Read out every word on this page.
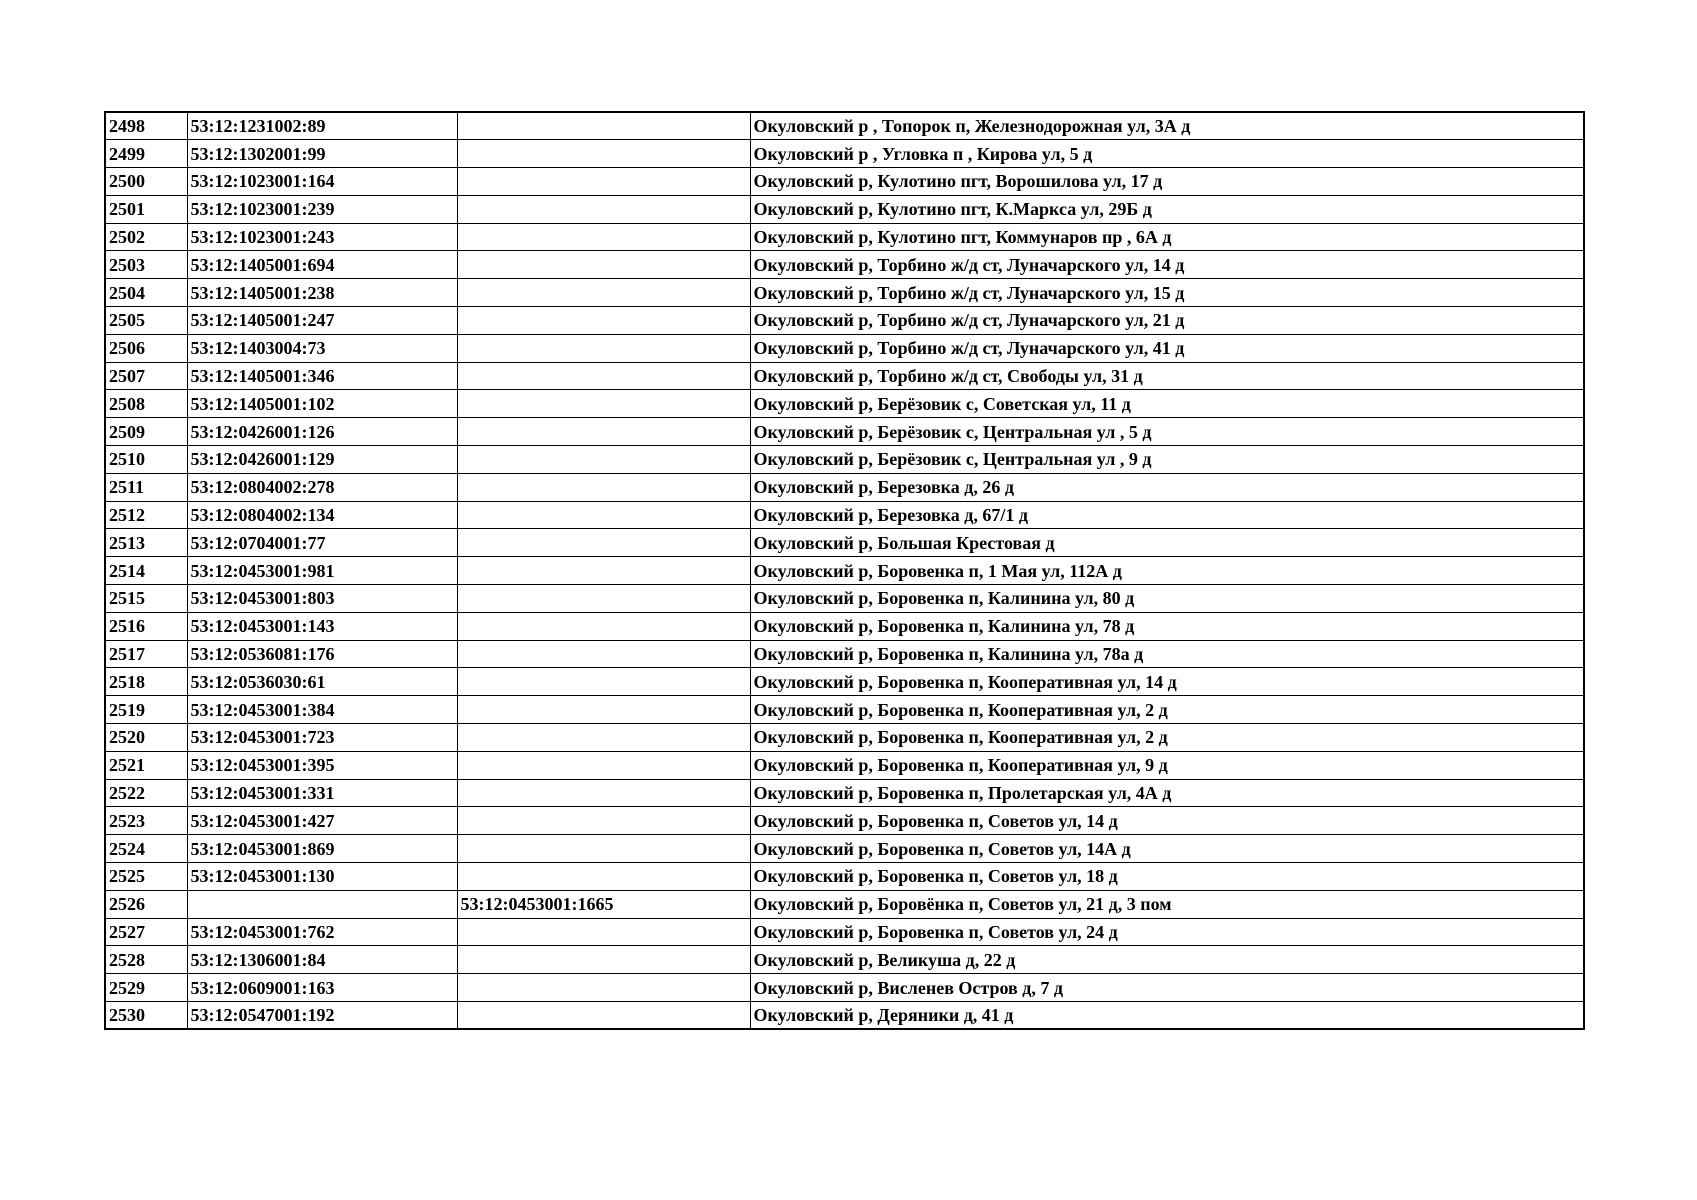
2498	53:12:1231002:89		Окуловский р , Топорок п, Железнодорожная ул, 3А д
2499	53:12:1302001:99		Окуловский р , Угловка п , Кирова ул, 5 д
2500	53:12:1023001:164		Окуловский р, Кулотино пгт, Ворошилова ул, 17 д
2501	53:12:1023001:239		Окуловский р, Кулотино пгт, К.Маркса ул, 29Б д
2502	53:12:1023001:243		Окуловский р, Кулотино пгт, Коммунаров пр , 6А д
2503	53:12:1405001:694		Окуловский р, Торбино ж/д ст, Луначарского ул, 14 д
2504	53:12:1405001:238		Окуловский р, Торбино ж/д ст, Луначарского ул, 15 д
2505	53:12:1405001:247		Окуловский р, Торбино ж/д ст, Луначарского ул, 21 д
2506	53:12:1403004:73		Окуловский р, Торбино ж/д ст, Луначарского ул, 41 д
2507	53:12:1405001:346		Окуловский р, Торбино ж/д ст, Свободы ул, 31 д
2508	53:12:1405001:102		Окуловский р, Берёзовик с, Советская ул, 11 д
2509	53:12:0426001:126		Окуловский р, Берёзовик с, Центральная ул , 5 д
2510	53:12:0426001:129		Окуловский р, Берёзовик с, Центральная ул , 9 д
2511	53:12:0804002:278		Окуловский р, Березовка д, 26 д
2512	53:12:0804002:134		Окуловский р, Березовка д, 67/1 д
2513	53:12:0704001:77		Окуловский р, Большая Крестовая д
2514	53:12:0453001:981		Окуловский р, Боровенка п, 1 Мая ул, 112А д
2515	53:12:0453001:803		Окуловский р, Боровенка п, Калинина ул, 80 д
2516	53:12:0453001:143		Окуловский р, Боровенка п, Калинина ул, 78 д
2517	53:12:0536081:176		Окуловский р, Боровенка п, Калинина ул, 78а д
2518	53:12:0536030:61		Окуловский р, Боровенка п, Кооперативная ул, 14 д
2519	53:12:0453001:384		Окуловский р, Боровенка п, Кооперативная ул, 2 д
2520	53:12:0453001:723		Окуловский р, Боровенка п, Кооперативная ул, 2 д
2521	53:12:0453001:395		Окуловский р, Боровенка п, Кооперативная ул, 9 д
2522	53:12:0453001:331		Окуловский р, Боровенка п, Пролетарская ул, 4А д
2523	53:12:0453001:427		Окуловский р, Боровенка п, Советов ул, 14 д
2524	53:12:0453001:869		Окуловский р, Боровенка п, Советов ул, 14А д
2525	53:12:0453001:130		Окуловский р, Боровенка п, Советов ул, 18 д
2526		53:12:0453001:1665	Окуловский р, Боровёнка п, Советов ул, 21 д, 3 пом
2527	53:12:0453001:762		Окуловский р, Боровенка п, Советов ул, 24 д
2528	53:12:1306001:84		Окуловский р, Великуша д, 22 д
2529	53:12:0609001:163		Окуловский р, Висленев Остров д, 7 д
2530	53:12:0547001:192		Окуловский р, Деряники д, 41 д
